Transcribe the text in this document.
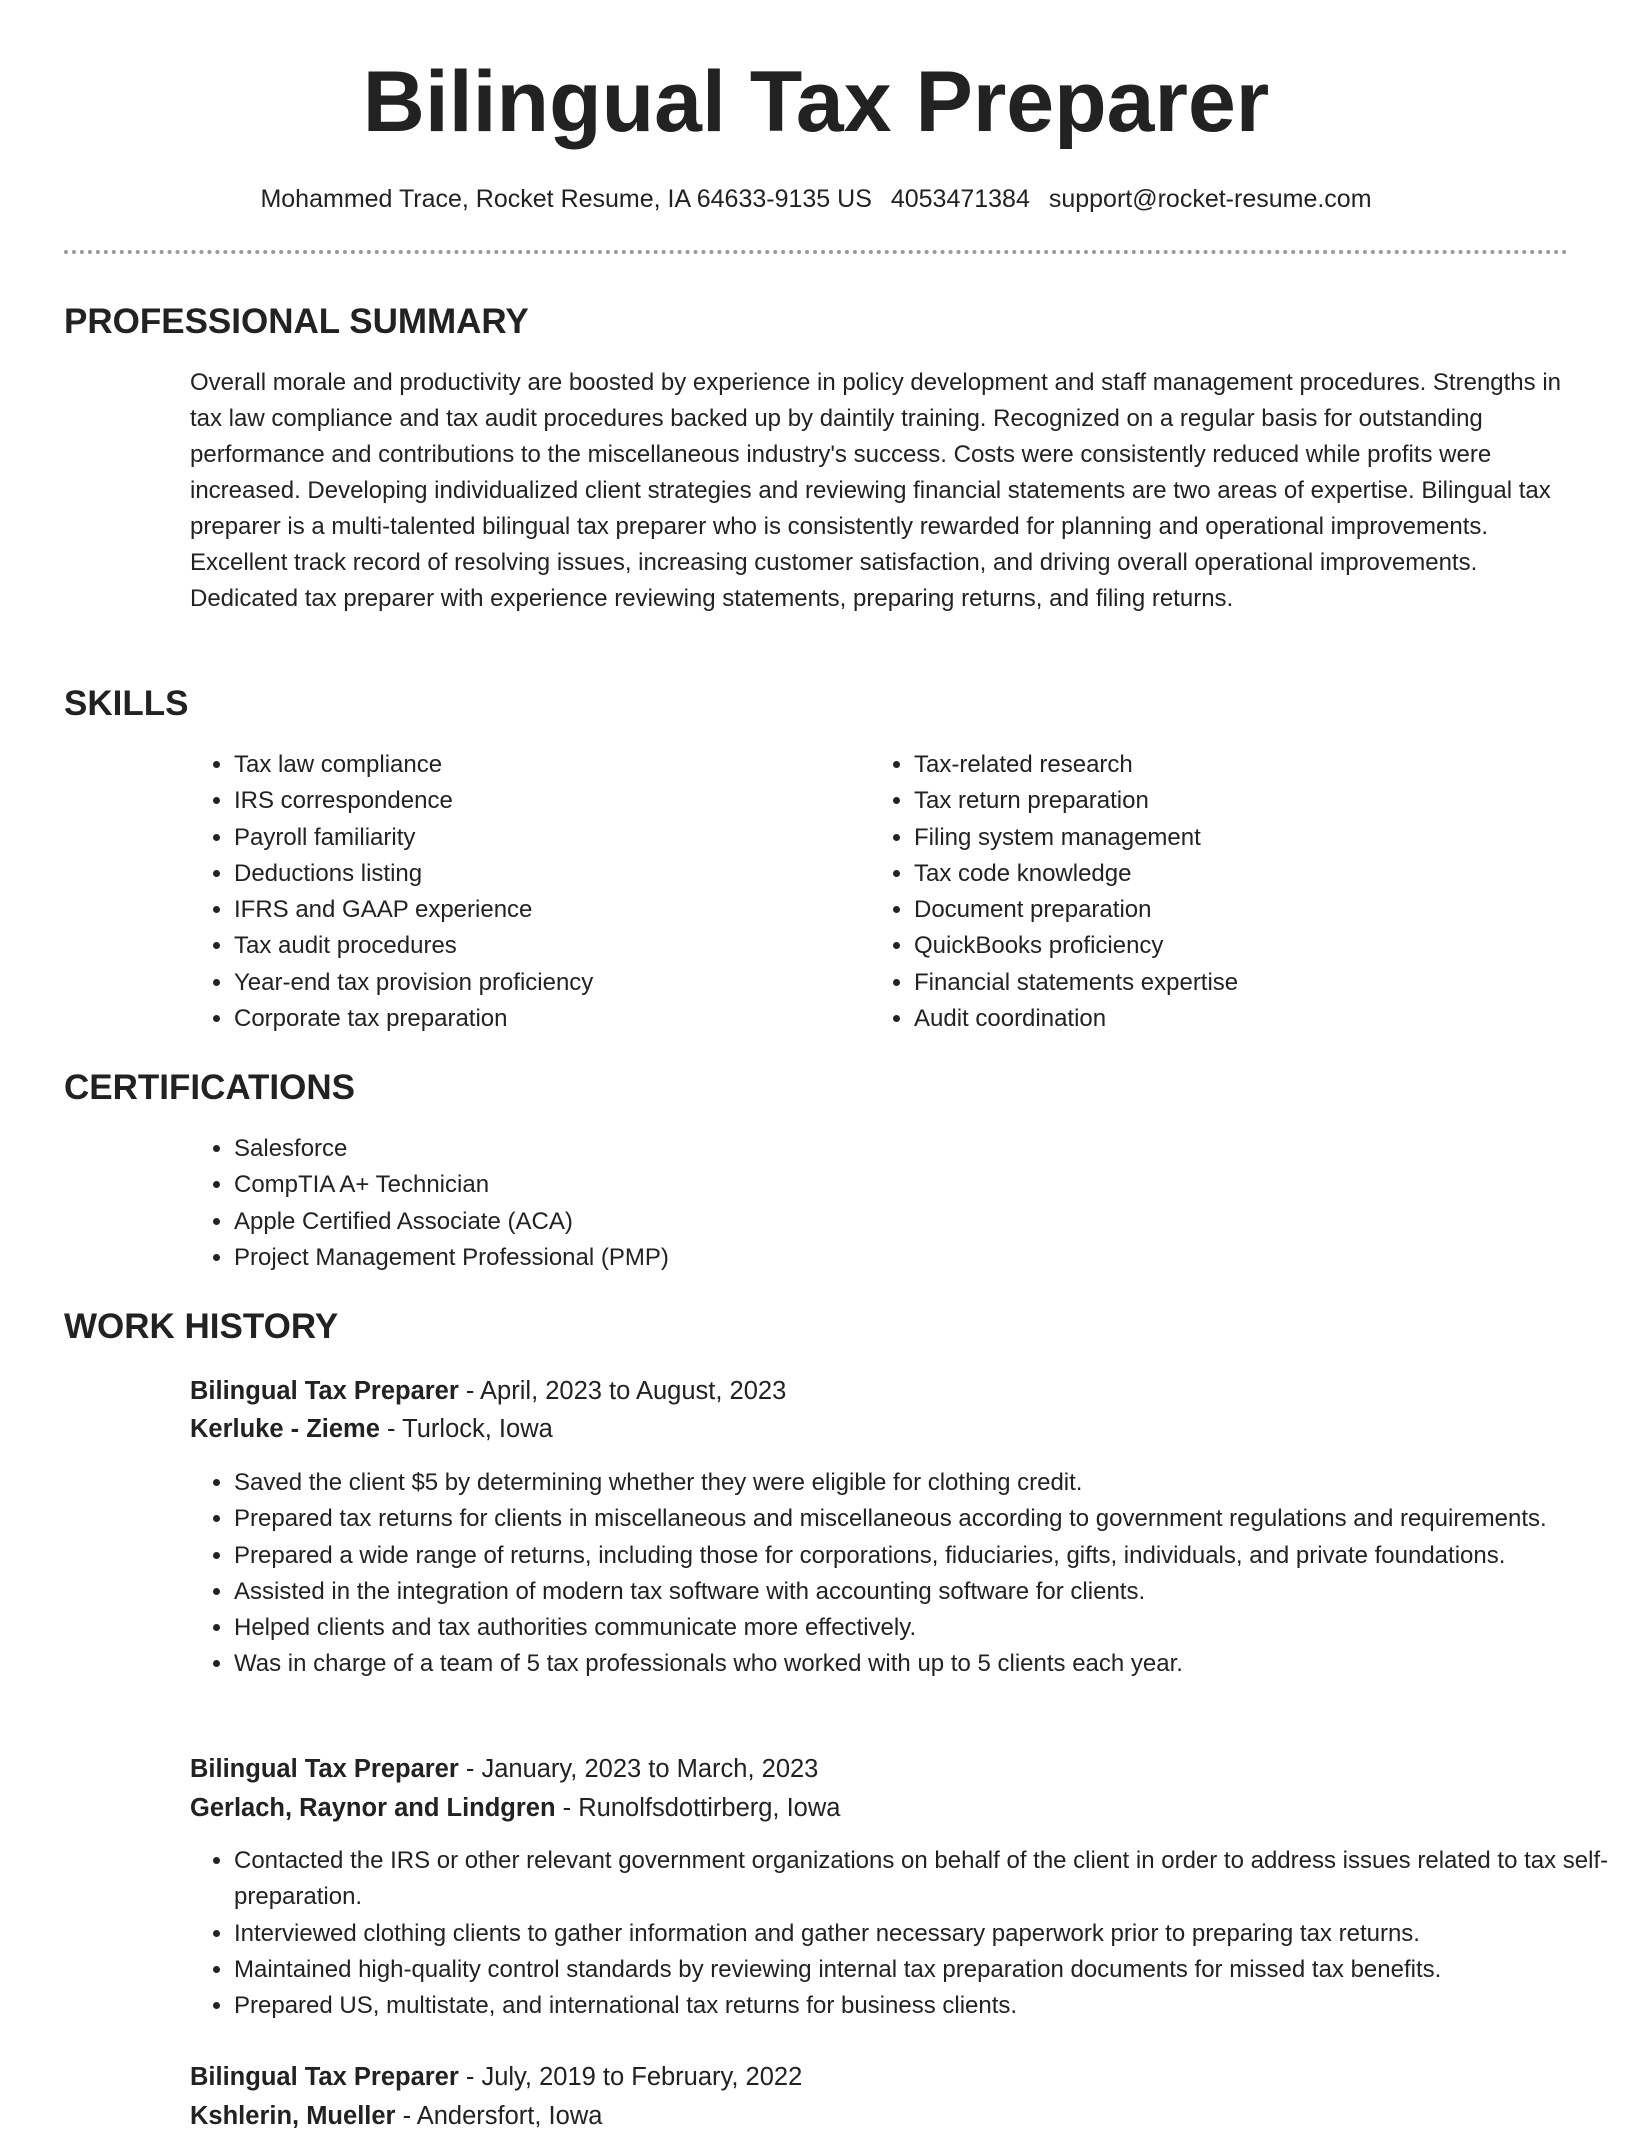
Bilingual Tax Preparer
Mohammed Trace, Rocket Resume, IA 64633-9135 US 4053471384 support@rocket-resume.com
PROFESSIONAL SUMMARY
Overall morale and productivity are boosted by experience in policy development and staff management procedures. Strengths in tax law compliance and tax audit procedures backed up by daintily training. Recognized on a regular basis for outstanding performance and contributions to the miscellaneous industry's success. Costs were consistently reduced while profits were increased. Developing individualized client strategies and reviewing financial statements are two areas of expertise. Bilingual tax preparer is a multi-talented bilingual tax preparer who is consistently rewarded for planning and operational improvements. Excellent track record of resolving issues, increasing customer satisfaction, and driving overall operational improvements. Dedicated tax preparer with experience reviewing statements, preparing returns, and filing returns.
SKILLS
• Tax law compliance
• IRS correspondence
• Payroll familiarity
• Deductions listing
• IFRS and GAAP experience
• Tax audit procedures
• Year-end tax provision proficiency
• Corporate tax preparation
• Tax-related research
• Tax return preparation
• Filing system management
• Tax code knowledge
• Document preparation
• QuickBooks proficiency
• Financial statements expertise
• Audit coordination
CERTIFICATIONS
• Salesforce
• CompTIA A+ Technician
• Apple Certified Associate (ACA)
• Project Management Professional (PMP)
WORK HISTORY
Bilingual Tax Preparer - April, 2023 to August, 2023
Kerluke - Zieme - Turlock, Iowa
• Saved the client $5 by determining whether they were eligible for clothing credit.
• Prepared tax returns for clients in miscellaneous and miscellaneous according to government regulations and requirements.
• Prepared a wide range of returns, including those for corporations, fiduciaries, gifts, individuals, and private foundations.
• Assisted in the integration of modern tax software with accounting software for clients.
• Helped clients and tax authorities communicate more effectively.
• Was in charge of a team of 5 tax professionals who worked with up to 5 clients each year.
Bilingual Tax Preparer - January, 2023 to March, 2023
Gerlach, Raynor and Lindgren - Runolfsdottirberg, Iowa
• Contacted the IRS or other relevant government organizations on behalf of the client in order to address issues related to tax self-preparation.
• Interviewed clothing clients to gather information and gather necessary paperwork prior to preparing tax returns.
• Maintained high-quality control standards by reviewing internal tax preparation documents for missed tax benefits.
• Prepared US, multistate, and international tax returns for business clients.
Bilingual Tax Preparer - July, 2019 to February, 2022
Kshlerin, Mueller - Andersfort, Iowa
